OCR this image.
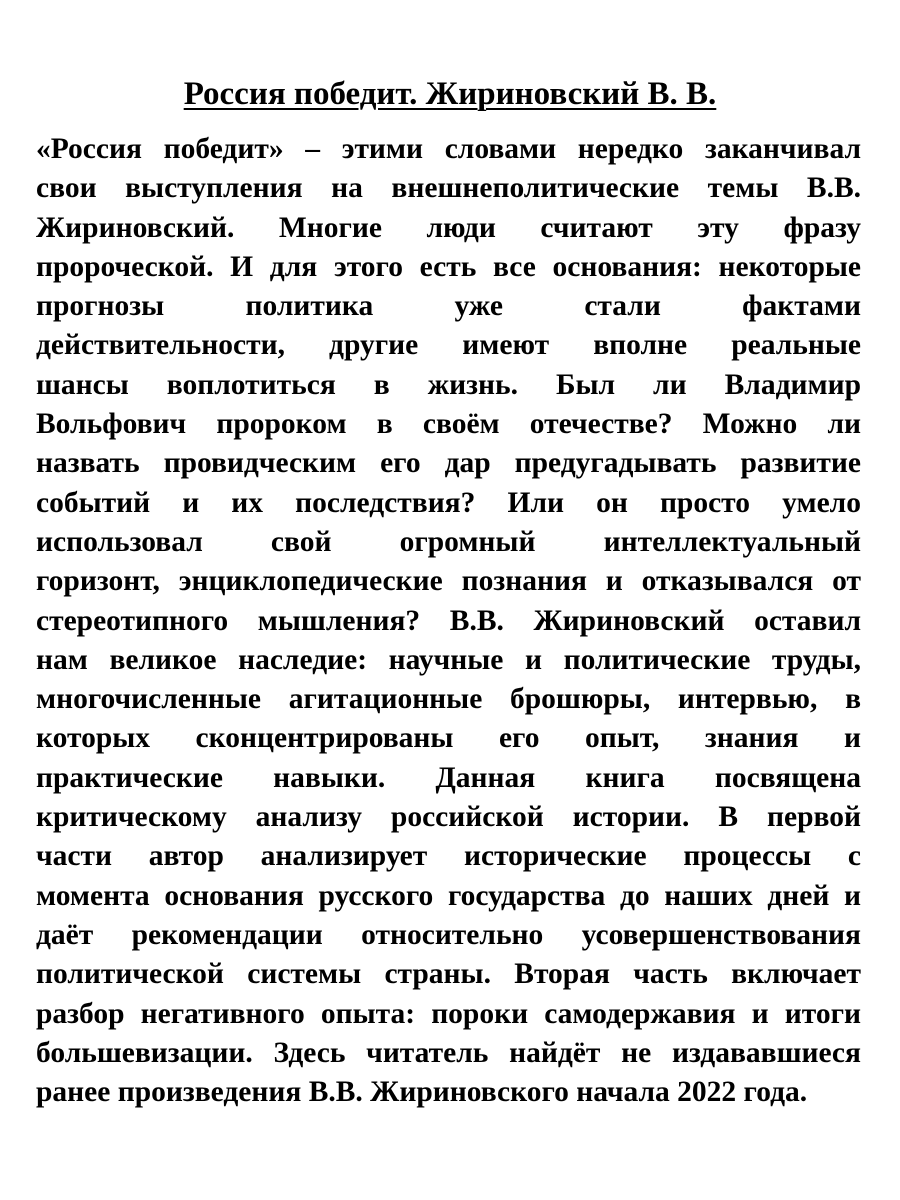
Россия победит. Жириновский В. В.
«Россия победит» – этими словами нередко заканчивал
свои выступления на внешнеполитические темы В.В.
Жириновский. Многие люди считают эту фразу
пророческой. И для этого есть все основания: некоторые
прогнозы политика уже стали фактами
действительности, другие имеют вполне реальные
шансы воплотиться в жизнь. Был ли Владимир
Вольфович пророком в своём отечестве? Можно ли
назвать провидческим его дар предугадывать развитие
событий и их последствия? Или он просто умело
использовал свой огромный интеллектуальный
горизонт, энциклопедические познания и отказывался от
стереотипного мышления? В.В. Жириновский оставил
нам великое наследие: научные и политические труды,
многочисленные агитационные брошюры, интервью, в
которых сконцентрированы его опыт, знания и
практические навыки. Данная книга посвящена
критическому анализу российской истории. В первой
части автор анализирует исторические процессы с
момента основания русского государства до наших дней и
даёт рекомендации относительно усовершенствования
политической системы страны. Вторая часть включает
разбор негативного опыта: пороки самодержавия и итоги
большевизации. Здесь читатель найдёт не издававшиеся
ранее произведения В.В. Жириновского начала 2022 года.
